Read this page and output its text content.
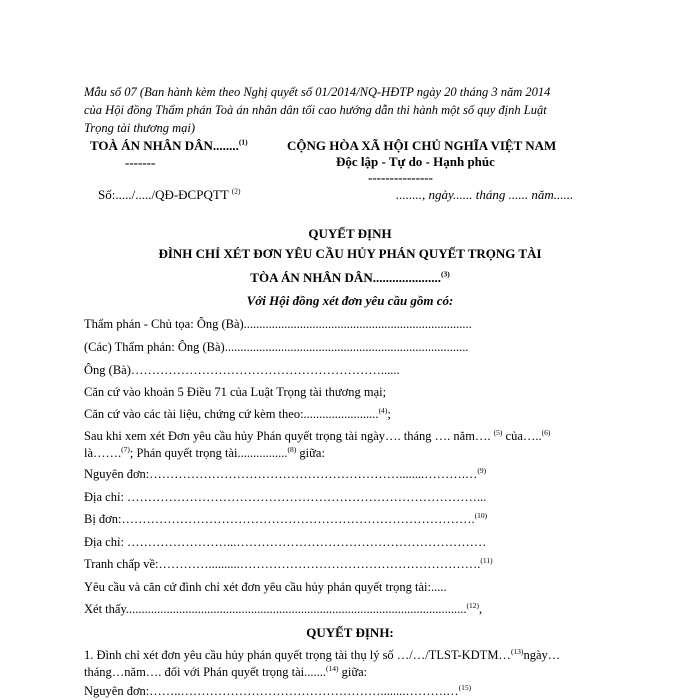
Mẫu số 07 (Ban hành kèm theo Nghị quyết số 01/2014/NQ-HĐTP ngày 20 tháng 3 năm 2014
của Hội đồng Thẩm phán Toà án nhân dân tối cao hướng dẫn thi hành một số quy định Luật
Trọng tài thương mại)
TOÀ ÁN NHÂN DÂN........$^{(1)}$
-------
CỘNG HÒA XÃ HỘI CHỦ NGHĨA VIỆT NAM
Độc lập - Tự do - Hạnh phúc
---------------
Số:...../...../QĐ-ĐCPQTT $^{(2)}$	........, ngày...... tháng ...... năm......
QUYẾT ĐỊNH
ĐÌNH CHỈ XÉT ĐƠN YÊU CẦU HỦY PHÁN QUYẾT TRỌNG TÀI
TÒA ÁN NHÂN DÂN.....................$^{(3)}$
Với Hội đồng xét đơn yêu cầu gồm có:
Thẩm phán - Chủ tọa: Ông (Bà).........................................................................
(Các) Thẩm phán: Ông (Bà)..............................................................................
Ông (Bà)……………………………………………………......
Căn cứ vào khoản 5 Điều 71 của Luật Trọng tài thương mại;
Căn cứ vào các tài liệu, chứng cứ kèm theo:........................$^{(4)}$;
Sau khi xem xét Đơn yêu cầu hủy Phán quyết trọng tài ngày…. tháng …. năm…. $^{(5)}$ của…..$^{(6)}$
là…….$^{(7)}$; Phán quyết trọng tài................$^{(8)}$ giữa:
Nguyên đơn:……………………………………………………........……….…$^{(9)}$
Địa chỉ: …………………………………………………………………………...
Bị đơn:………………………………………………………………………….$^{(10)}$
Địa chỉ: ……………………...……………………………………………………
Tranh chấp về:…………..........………………………………………………….$^{(11)}$
Yêu cầu và căn cứ đình chỉ xét đơn yêu cầu hủy phán quyết trọng tài:.....
Xét thấy.............................................................................................................$^{(12)}$,
QUYẾT ĐỊNH:
1. Đình chỉ xét đơn yêu cầu hủy phán quyết trọng tài thụ lý số …/…/TLST-KDTM…$^{(13)}$ngày…
tháng…năm…. đối với Phán quyết trọng tài.......$^{(14)}$ giữa:
Nguyên đơn:……..…………………………………………........……….…$^{(15)}$
